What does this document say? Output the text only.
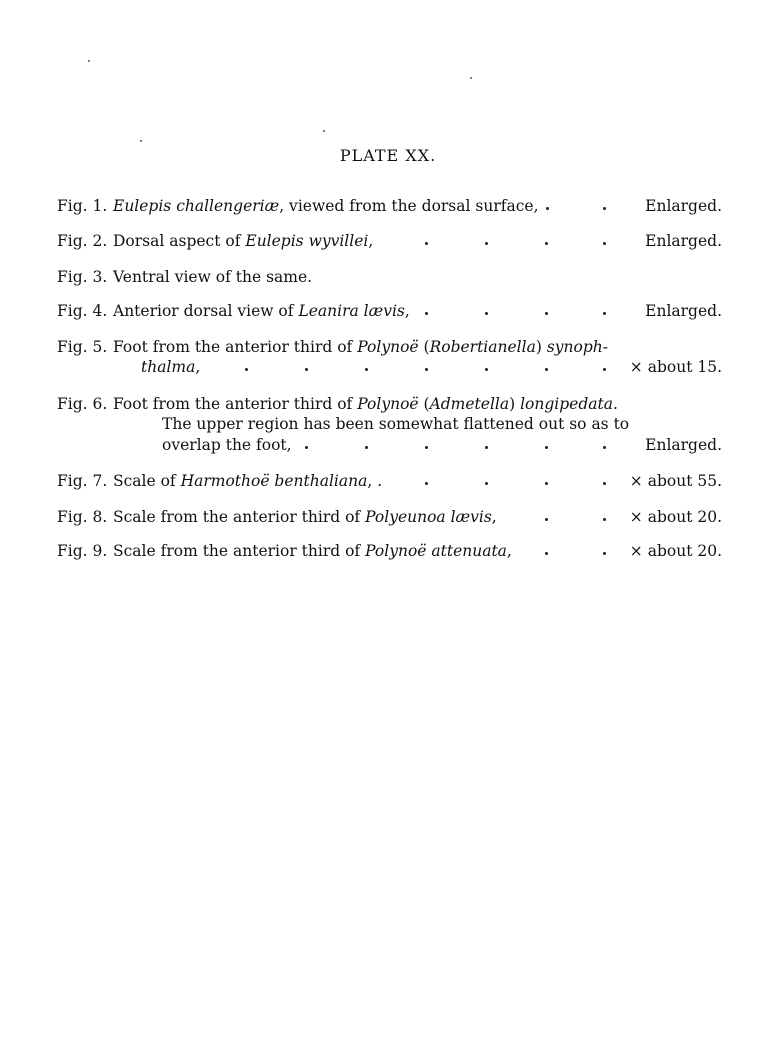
PLATE XX.
Fig. 1. Eulepis challengeriæ, viewed from the dorsal surface,	Enlarged.
Fig. 2. Dorsal aspect of Eulepis wyvillei,	Enlarged.
Fig. 3. Ventral view of the same.
Fig. 4. Anterior dorsal view of Leanira lævis,	Enlarged.
Fig. 5. Foot from the anterior third of Polynoë (Robertianella) synoph-
thalma,	× about 15.
Fig. 6. Foot from the anterior third of Polynoë (Admetella) longipedata.
The upper region has been somewhat flattened out so as to
overlap the foot,	Enlarged.
Fig. 7. Scale of Harmothoë benthaliana, .	× about 55.
Fig. 8. Scale from the anterior third of Polyeunoa lævis,	× about 20.
Fig. 9. Scale from the anterior third of Polynoë attenuata,	× about 20.
